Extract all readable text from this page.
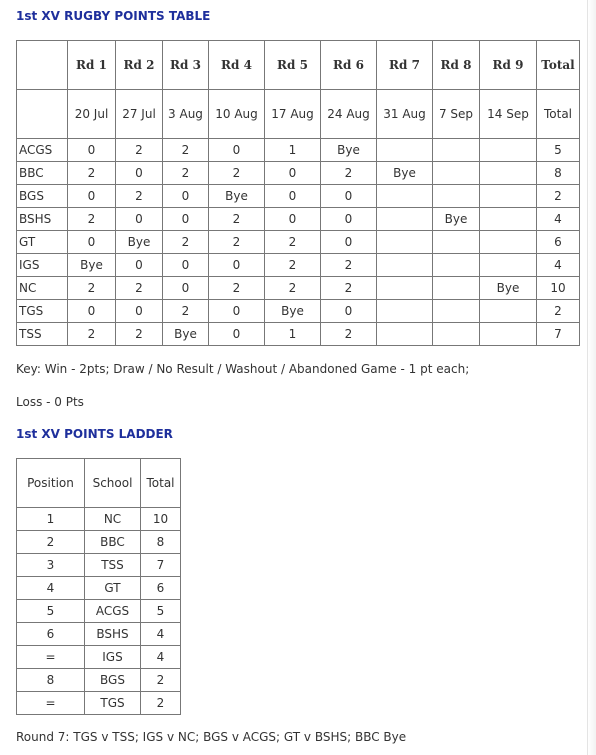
1st XV RUGBY POINTS TABLE
	Rd 1	Rd 2	Rd 3	Rd 4	Rd 5	Rd 6	Rd 7	Rd 8	Rd 9	Total
	20 Jul	27 Jul	3 Aug	10 Aug	17 Aug	24 Aug	31 Aug	7 Sep	14 Sep	Total
ACGS	0	2	2	0	1	Bye				5
BBC	2	0	2	2	0	2	Bye			8
BGS	0	2	0	Bye	0	0				2
BSHS	2	0	0	2	0	0		Bye		4
GT	0	Bye	2	2	2	0				6
IGS	Bye	0	0	0	2	2				4
NC	2	2	0	2	2	2			Bye	10
TGS	0	0	2	0	Bye	0				2
TSS	2	2	Bye	0	1	2				7

Key: Win - 2pts; Draw / No Result / Washout / Abandoned Game - 1 pt each;

Loss - 0 Pts

1st XV POINTS LADDER
Position	School	Total
1	NC	10
2	BBC	8
3	TSS	7
4	GT	6
5	ACGS	5
6	BSHS	4
=	IGS	4
8	BGS	2
=	TGS	2

Round 7: TGS v TSS; IGS v NC; BGS v ACGS; GT v BSHS; BBC Bye
